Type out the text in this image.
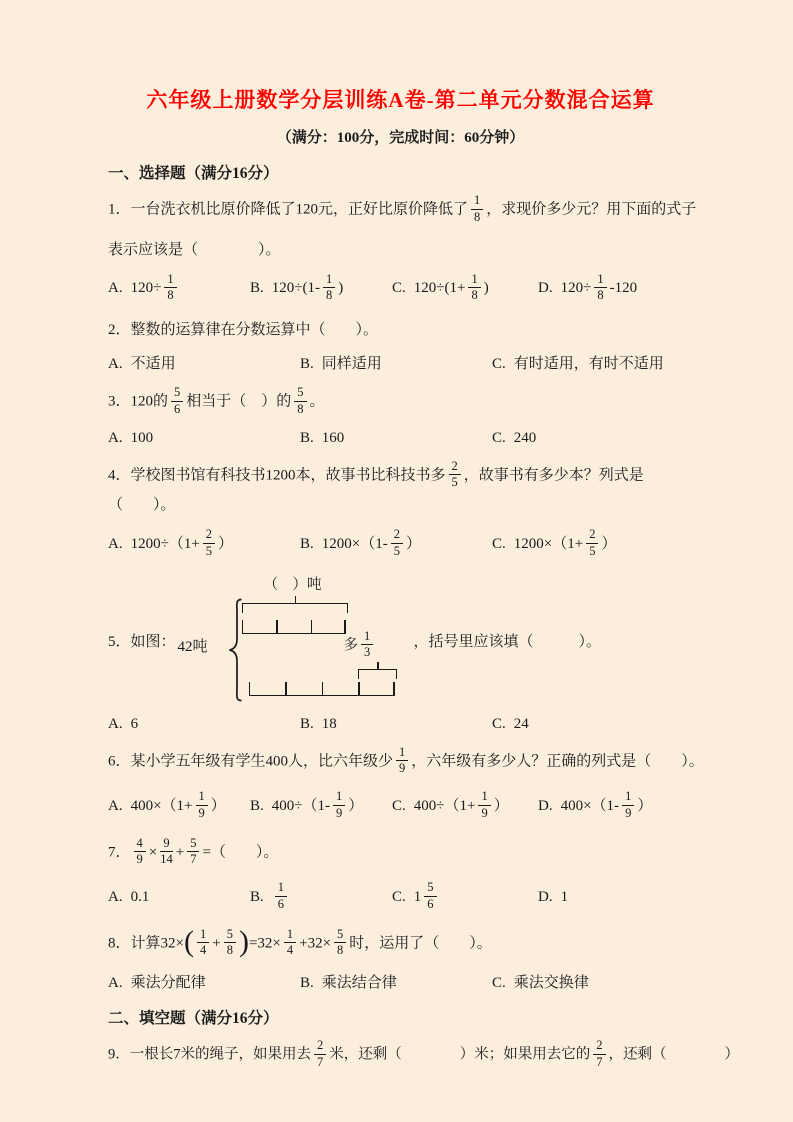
六年级上册数学分层训练A卷-第二单元分数混合运算
（满分：100分，完成时间：60分钟）
一、选择题（满分16分）

1．一台洗衣机比原价降低了120元，正好比原价降低了 $\frac{1}{8}$ ，求现价多少元？用下面的式子

表示应该是（　　　　）。

A. $120\div \frac{1}{8}$	B. $120\div(1- \frac{1}{8}$ )	C. $120\div(1+ \frac{1}{8}$ )	D. $120\div \frac{1}{8} -120$

2．整数的运算律在分数运算中（　　）。

A. 不适用	B. 同样适用	C. 有时适用，有时不适用

3．120的 $\frac{5}{6}$ 相当于（　）的 $\frac{5}{8}$ 。

A. 100	B. 160	C. 240

4．学校图书馆有科技书1200本，故事书比科技书多 $\frac{2}{5}$ ，故事书有多少本？列式是（　　）。

A. $1200\div(1+ \frac{2}{5}$ ）	B. $1200\times(1- \frac{2}{5}$ ）	C. $1200\times(1+ \frac{2}{5}$ ）
5．如图： 42吨
（　）吨
多 $\frac{1}{3}$	，括号里应该填（　　　）。
A. 6	B. 18	C. 24

6．某小学五年级有学生400人，比六年级少 $\frac{1}{9}$ ，六年级有多少人？正确的列式是（　　）。

A. $400\times(1+ \frac{1}{9}$ ）	B. $400\div(1- \frac{1}{9}$ ）	C. $400\div(1+ \frac{1}{9}$ ）	D. $400\times(1- \frac{1}{9}$ ）

7． $\frac{4}{9} \times \frac{9}{14} + \frac{5}{7}$ =（　　）。

A. 0.1	B. $\frac{1}{6}$	C. $1 \frac{5}{6}$	D. 1

8．计算$32\times( \frac{1}{4} + \frac{5}{8} )=32\times \frac{1}{4} +32\times \frac{5}{8}$ 时，运用了（　　）。

A. 乘法分配律	B. 乘法结合律	C. 乘法交换律
二、填空题（满分16分）

9．一根长7米的绳子，如果用去 $\frac{2}{7}$ 米，还剩（　　　　）米；如果用去它的 $\frac{2}{7}$ ，还剩（　　　　）
